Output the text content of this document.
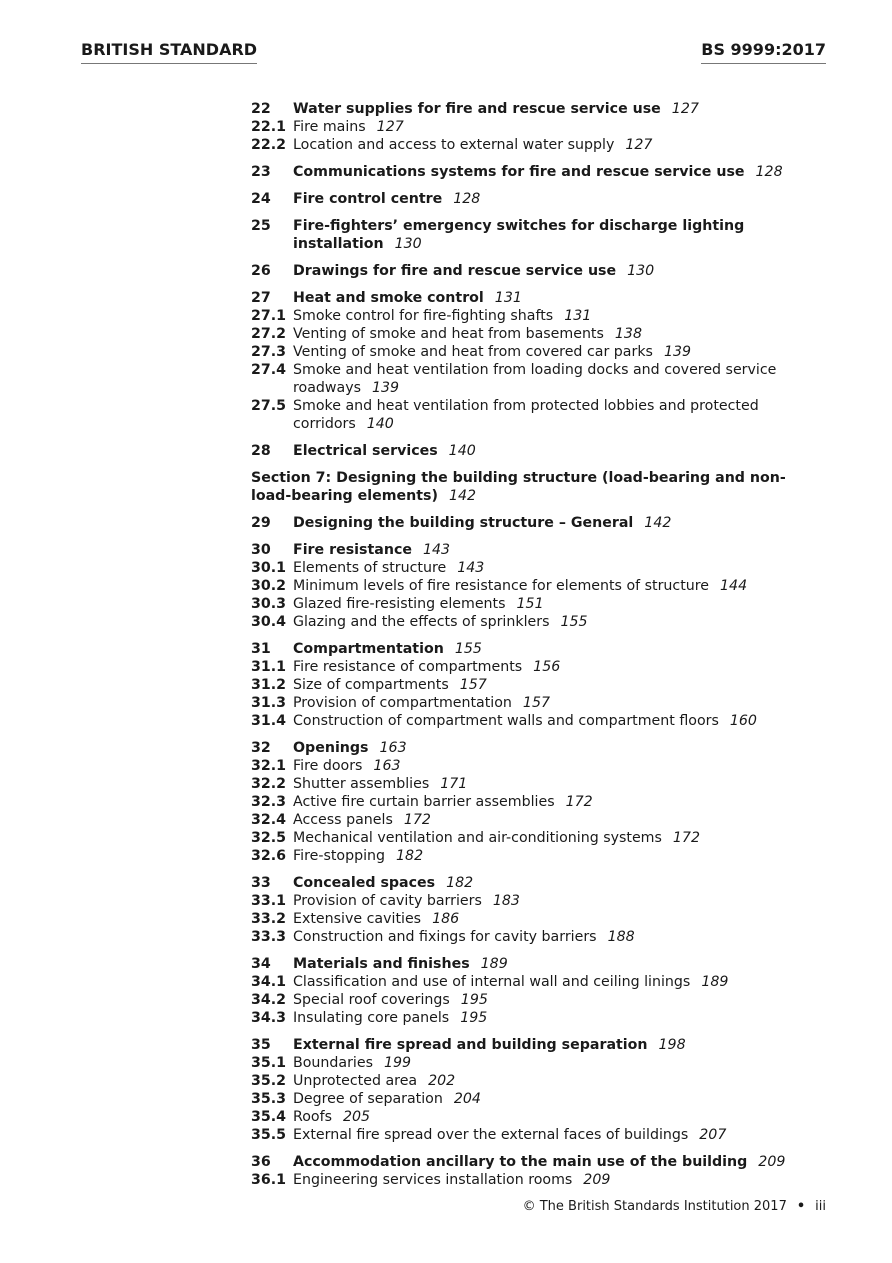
BRITISH STANDARD	BS 9999:2017
22	Water supplies for fire and rescue service use 127
22.1 Fire mains 127
22.2 Location and access to external water supply 127
23	Communications systems for fire and rescue service use 128
24	Fire control centre 128
25	Fire-fighters’ emergency switches for discharge lighting installation 130
26	Drawings for fire and rescue service use 130
27	Heat and smoke control 131
27.1 Smoke control for fire-fighting shafts 131
27.2 Venting of smoke and heat from basements 138
27.3 Venting of smoke and heat from covered car parks 139
27.4 Smoke and heat ventilation from loading docks and covered service roadways 139
27.5 Smoke and heat ventilation from protected lobbies and protected corridors 140
28	Electrical services 140
Section 7: Designing the building structure (load-bearing and non-load-bearing elements) 142
29	Designing the building structure – General 142
30	Fire resistance 143
30.1 Elements of structure 143
30.2 Minimum levels of fire resistance for elements of structure 144
30.3 Glazed fire-resisting elements 151
30.4 Glazing and the effects of sprinklers 155
31	Compartmentation 155
31.1 Fire resistance of compartments 156
31.2 Size of compartments 157
31.3 Provision of compartmentation 157
31.4 Construction of compartment walls and compartment floors 160
32	Openings 163
32.1 Fire doors 163
32.2 Shutter assemblies 171
32.3 Active fire curtain barrier assemblies 172
32.4 Access panels 172
32.5 Mechanical ventilation and air-conditioning systems 172
32.6 Fire-stopping 182
33	Concealed spaces 182
33.1 Provision of cavity barriers 183
33.2 Extensive cavities 186
33.3 Construction and fixings for cavity barriers 188
34	Materials and finishes 189
34.1 Classification and use of internal wall and ceiling linings 189
34.2 Special roof coverings 195
34.3 Insulating core panels 195
35	External fire spread and building separation 198
35.1 Boundaries 199
35.2 Unprotected area 202
35.3 Degree of separation 204
35.4 Roofs 205
35.5 External fire spread over the external faces of buildings 207
36	Accommodation ancillary to the main use of the building 209
36.1 Engineering services installation rooms 209
© The British Standards Institution 2017 • iii
